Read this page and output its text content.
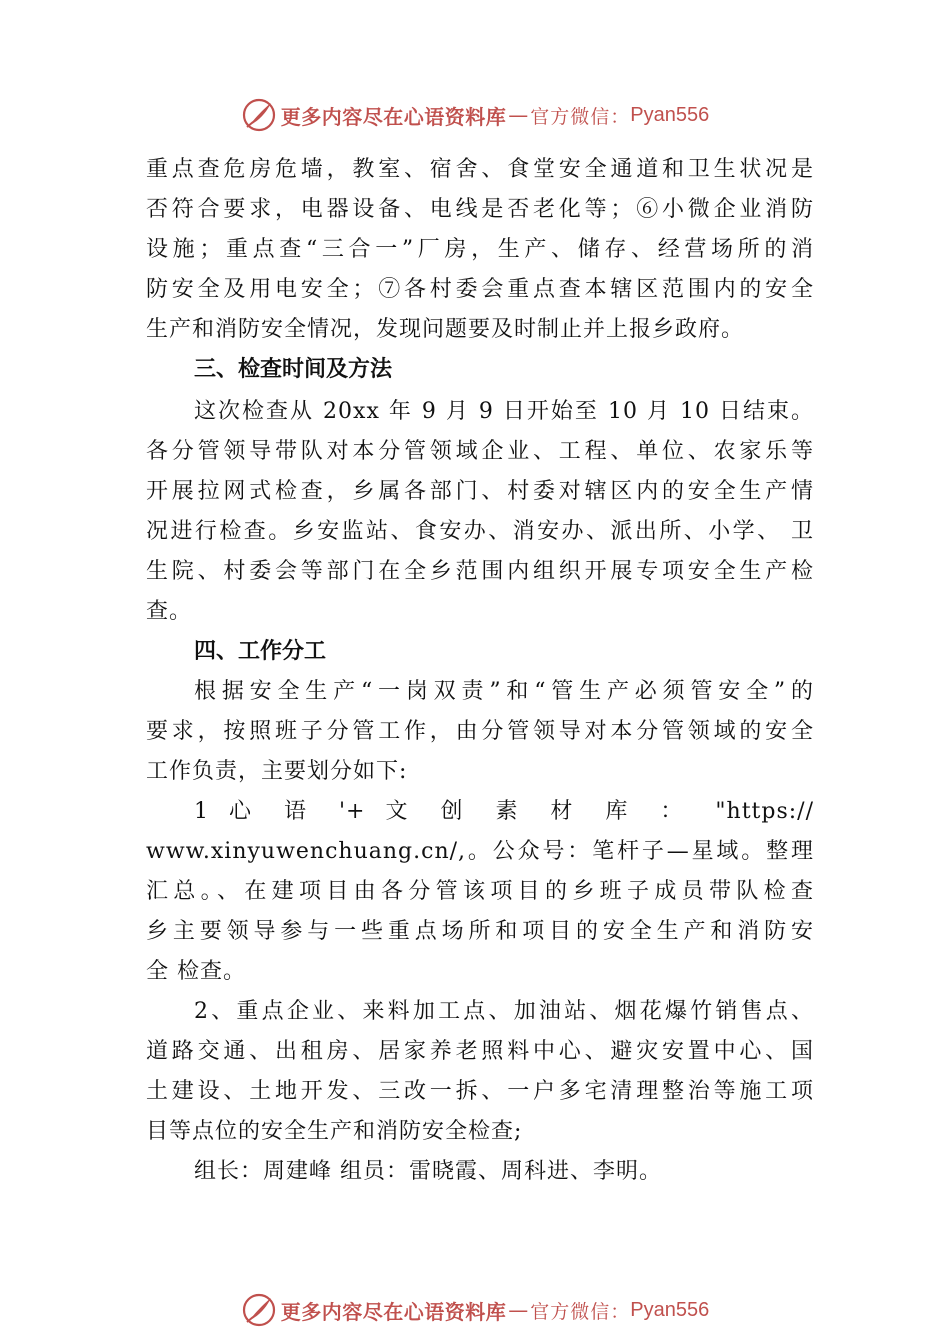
更多内容尽在心语资料库 — 官方微信： Pyan556
重点查危房危墙，教室、宿舍、食堂安全通道和卫生状况是
否符合要求，电器设备、电线是否老化等；⑥小微企业消防
设施；重点查“三合一”厂房，生产、储存、经营场所的消
防安全及用电安全；⑦各村委会重点查本辖区范围内的安全
生产和消防安全情况，发现问题要及时制止并上报乡政府。
三、检查时间及方法
这次检查从 20xx 年 9 月 9 日开始至 10 月 10 日结束。
各分管领导带队对本分管领域企业、工程、单位、农家乐等
开展拉网式检查，乡属各部门、村委对辖区内的安全生产情
况进行检查。乡安监站、食安办、消安办、派出所、小学、 卫
生院、村委会等部门在全乡范围内组织开展专项安全生产检
查。
四、工作分工
根据安全生产“一岗双责”和“管生产必须管安全”的
要求，按照班子分管工作，由分管领导对本分管领域的安全
工作负责，主要划分如下:
1 心 语 '+ 文 创 素 材 库 ： "https://
www.xinyuwenchuang.cn/,。公众号：笔杆子—星域。整理
汇总。、在建项目由各分管该项目的乡班子成员带队检查
乡主要领导参与一些重点场所和项目的安全生产和消防安
全 检查。
2、重点企业、来料加工点、加油站、烟花爆竹销售点、
道路交通、出租房、居家养老照料中心、避灾安置中心、国
土建设、土地开发、三改一拆、一户多宅清理整治等施工项
目等点位的安全生产和消防安全检查;
组长：周建峰 组员：雷晓霞、周科进、李明。
更多内容尽在心语资料库 — 官方微信： Pyan556
